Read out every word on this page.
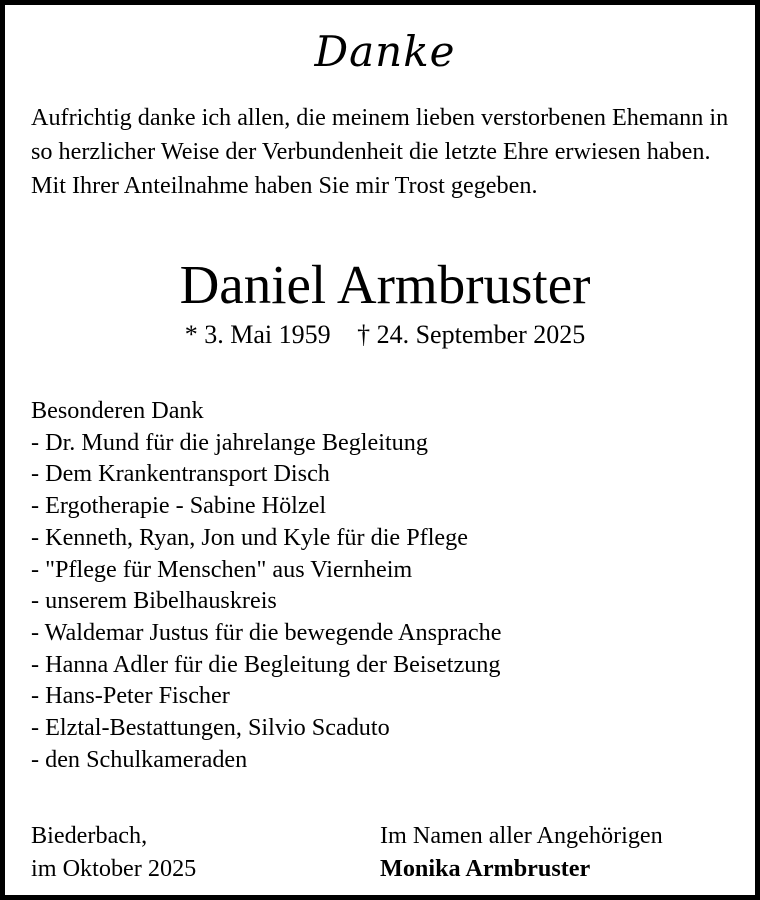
Danke
Aufrichtig danke ich allen, die meinem lieben verstorbenen Ehemann in so herzlicher Weise der Verbundenheit die letzte Ehre erwiesen haben. Mit Ihrer Anteilnahme haben Sie mir Trost gegeben.
Daniel Armbruster
* 3. Mai 1959 † 24. September 2025
Besonderen Dank
- Dr. Mund für die jahrelange Begleitung
- Dem Krankentransport Disch
- Ergotherapie - Sabine Hölzel
- Kenneth, Ryan, Jon und Kyle für die Pflege
- "Pflege für Menschen" aus Viernheim
- unserem Bibelhauskreis
- Waldemar Justus für die bewegende Ansprache
- Hanna Adler für die Begleitung der Beisetzung
- Hans-Peter Fischer
- Elztal-Bestattungen, Silvio Scaduto
- den Schulkameraden
Biederbach,
im Oktober 2025
Im Namen aller Angehörigen
Monika Armbruster
